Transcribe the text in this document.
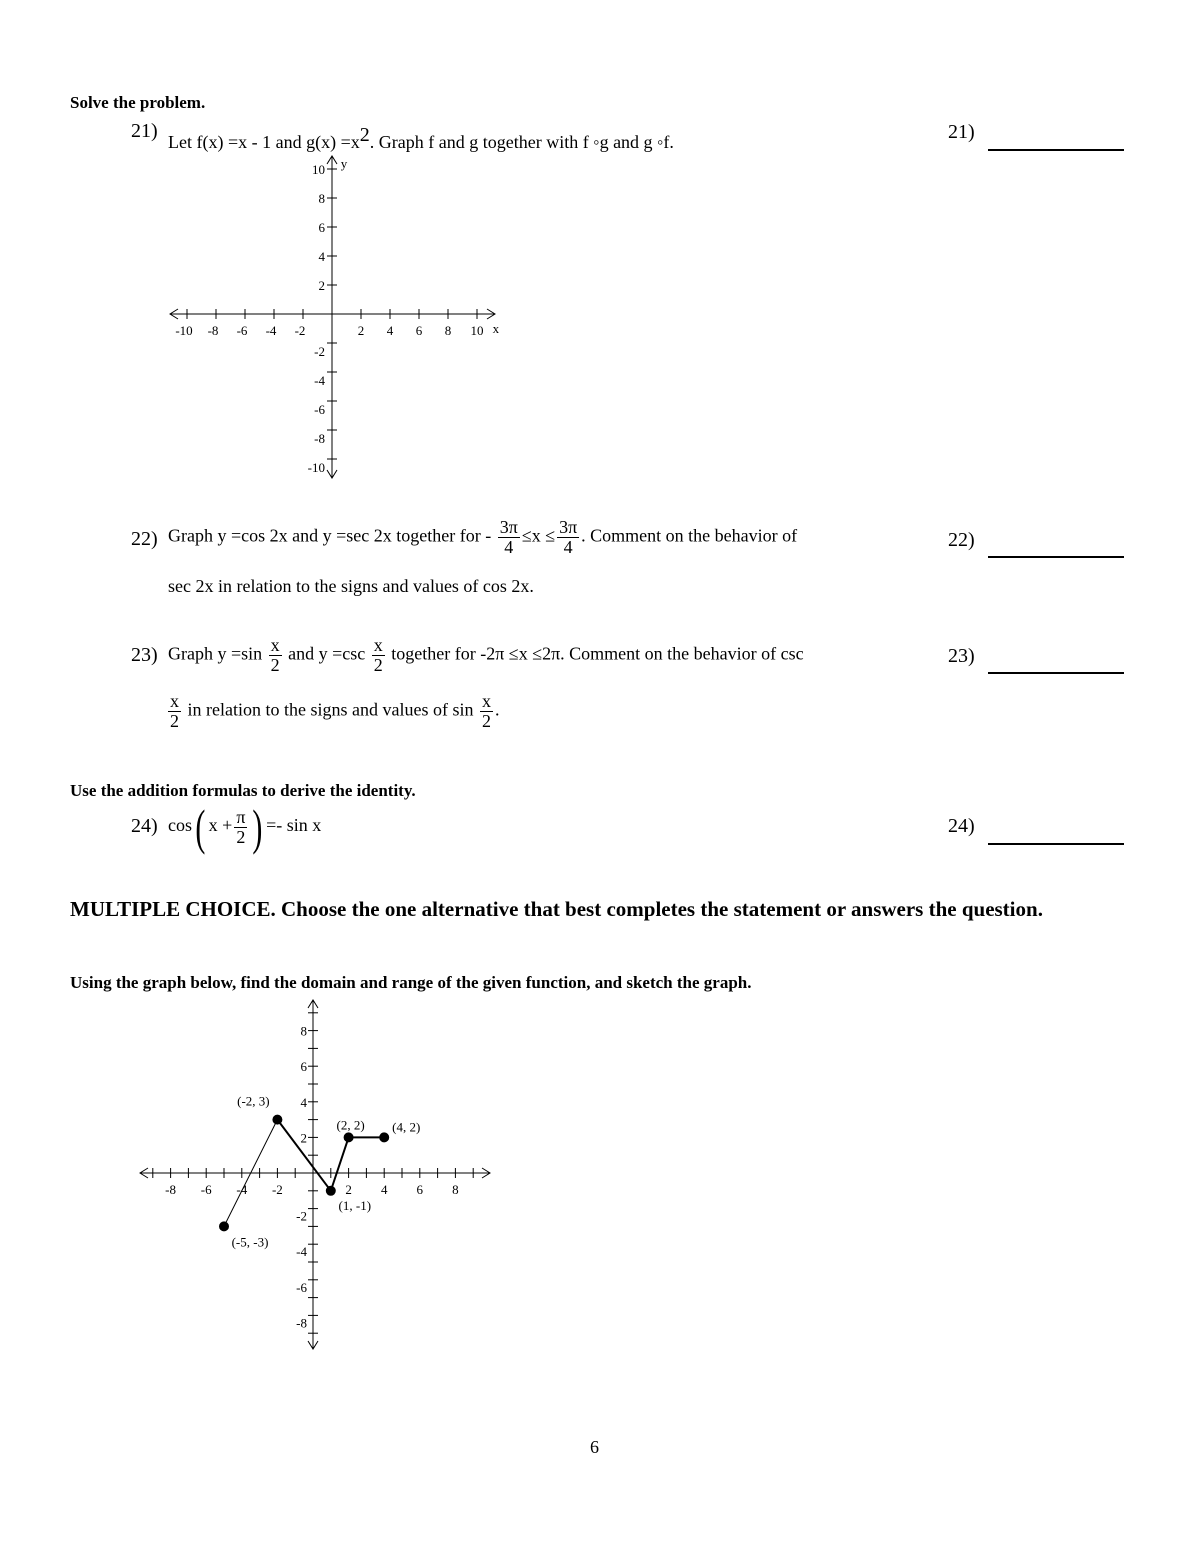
Solve the problem.
21) Let f(x) =x - 1 and $g(x) =x^2$. Graph f and g together with f ◦g and g ◦f.	21)
-10 -8 -6 -4 -2	2 4 6 8 10
10
8
6
4
2
-2
-4
-6
-8
-10
x
y
22) Graph y =cos 2x and y =sec 2x together for - $\frac{3\pi}{4} \le x \le \frac{3\pi}{4}$ . Comment on the behavior of
sec 2x in relation to the signs and values of cos 2x.
22)
23) Graph $y =\sin \frac{x}{2}$ and $y =\csc \frac{x}{2}$ together for -2π ≤x ≤2π. Comment on the behavior of csc
$\frac{x}{2}$ in relation to the signs and values of $\sin \frac{x}{2}$ .
23)
Use the addition formulas to derive the identity.
24) cos( $x + \frac{\pi}{2}$ ) =- sin x	24)
MULTIPLE CHOICE. Choose the one alternative that best completes the statement or answers the question.
Using the graph below, find the domain and range of the given function, and sketch the graph.
-8 -6 -4 -2	2 4 6 8
8
6
4
2
-2
-4
-6
-8
(-5, -3)
(-2, 3)
(1, -1)
(2, 2) (4, 2)
6
